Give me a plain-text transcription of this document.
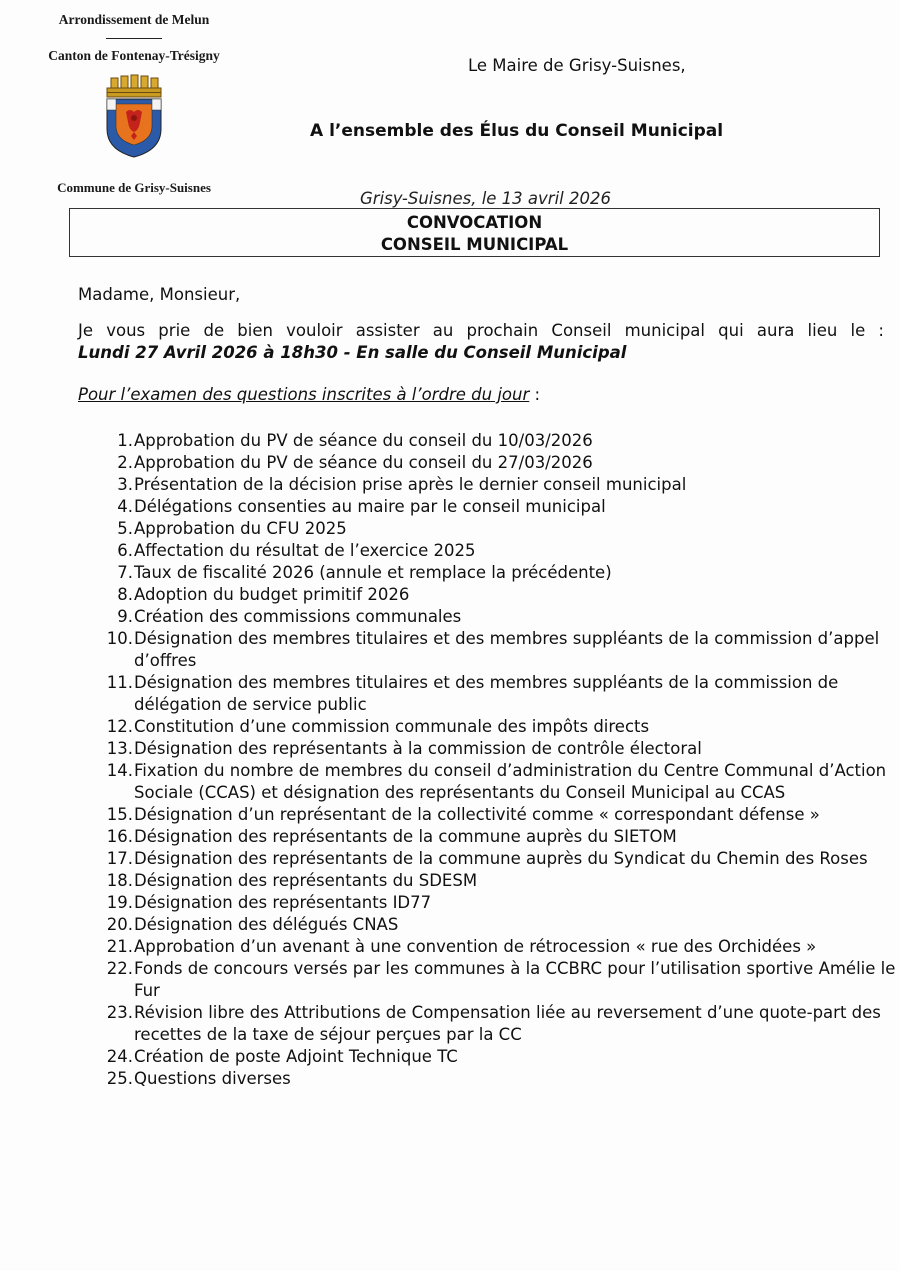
Arrondissement de Melun
Canton de Fontenay-Trésigny
Commune de Grisy-Suisnes
Le Maire de Grisy-Suisnes,
A l’ensemble des Élus du Conseil Municipal
Grisy-Suisnes, le 13 avril 2026
CONVOCATION
CONSEIL MUNICIPAL
Madame, Monsieur,
Je vous prie de bien vouloir assister au prochain Conseil municipal qui aura lieu le :
Lundi 27 Avril 2026 à 18h30 - En salle du Conseil Municipal
Pour l’examen des questions inscrites à l’ordre du jour :
1. Approbation du PV de séance du conseil du 10/03/2026
2. Approbation du PV de séance du conseil du 27/03/2026
3. Présentation de la décision prise après le dernier conseil municipal
4. Délégations consenties au maire par le conseil municipal
5. Approbation du CFU 2025
6. Affectation du résultat de l’exercice 2025
7. Taux de fiscalité 2026 (annule et remplace la précédente)
8. Adoption du budget primitif 2026
9. Création des commissions communales
10. Désignation des membres titulaires et des membres suppléants de la commission d’appel d’offres
11. Désignation des membres titulaires et des membres suppléants de la commission de délégation de service public
12. Constitution d’une commission communale des impôts directs
13. Désignation des représentants à la commission de contrôle électoral
14. Fixation du nombre de membres du conseil d’administration du Centre Communal d’Action Sociale (CCAS) et désignation des représentants du Conseil Municipal au CCAS
15. Désignation d’un représentant de la collectivité comme « correspondant défense »
16. Désignation des représentants de la commune auprès du SIETOM
17. Désignation des représentants de la commune auprès du Syndicat du Chemin des Roses
18. Désignation des représentants du SDESM
19. Désignation des représentants ID77
20. Désignation des délégués CNAS
21. Approbation d’un avenant à une convention de rétrocession « rue des Orchidées »
22. Fonds de concours versés par les communes à la CCBRC pour l’utilisation sportive Amélie le Fur
23. Révision libre des Attributions de Compensation liée au reversement d’une quote-part des recettes de la taxe de séjour perçues par la CC
24. Création de poste Adjoint Technique TC
25. Questions diverses
